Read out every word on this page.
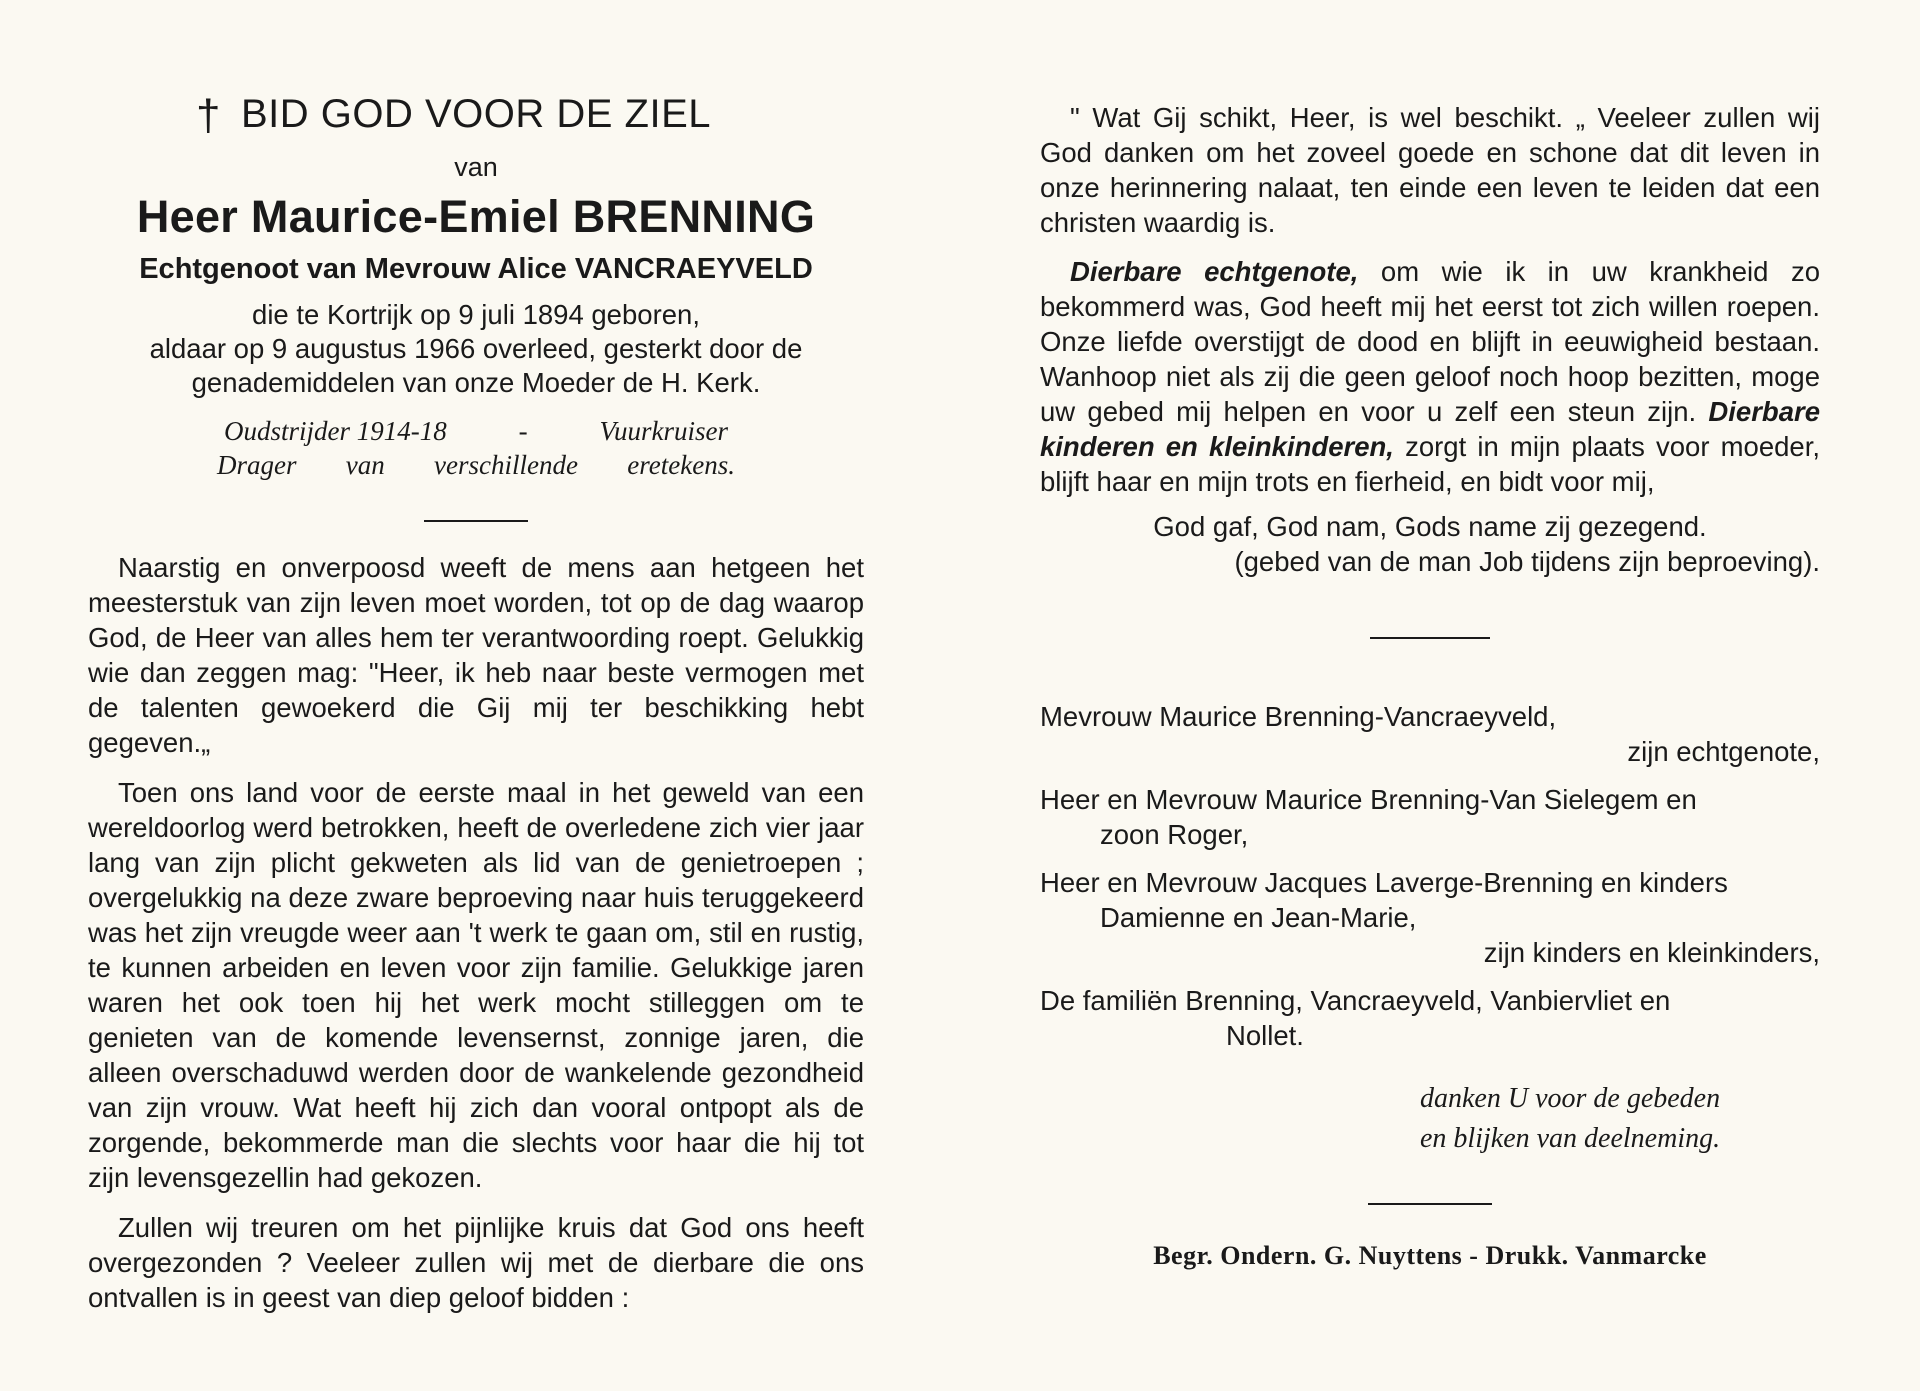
† BID GOD VOOR DE ZIEL
van
Heer Maurice-Emiel BRENNING
Echtgenoot van Mevrouw Alice VANCRAEYVELD
die te Kortrijk op 9 juli 1894 geboren,
aldaar op 9 augustus 1966 overleed, gesterkt door de
genademiddelen van onze Moeder de H. Kerk.
Oudstrijder 1914-18	-	Vuurkruiser
Drager van verschillende eretekens.
Naarstig en onverpoosd weeft de mens aan hetgeen het meesterstuk van zijn leven moet worden, tot op de dag waarop God, de Heer van alles hem ter verantwoording roept. Gelukkig wie dan zeggen mag: "Heer, ik heb naar beste vermogen met de talenten gewoekerd die Gij mij ter beschikking hebt gegeven.„
Toen ons land voor de eerste maal in het geweld van een wereldoorlog werd betrokken, heeft de overledene zich vier jaar lang van zijn plicht gekweten als lid van de genietroepen ; overgelukkig na deze zware beproeving naar huis teruggekeerd was het zijn vreugde weer aan 't werk te gaan om, stil en rustig, te kunnen arbeiden en leven voor zijn familie. Gelukkige jaren waren het ook toen hij het werk mocht stilleggen om te genieten van de komende levensernst, zonnige jaren, die alleen overschaduwd werden door de wankelende gezondheid van zijn vrouw. Wat heeft hij zich dan vooral ontpopt als de zorgende, bekommerde man die slechts voor haar die hij tot zijn levensgezellin had gekozen.
Zullen wij treuren om het pijnlijke kruis dat God ons heeft overgezonden ? Veeleer zullen wij met de dierbare die ons ontvallen is in geest van diep geloof bidden :
" Wat Gij schikt, Heer, is wel beschikt. „ Veeleer zullen wij God danken om het zoveel goede en schone dat dit leven in onze herinnering nalaat, ten einde een leven te leiden dat een christen waardig is.
Dierbare echtgenote, om wie ik in uw krankheid zo bekommerd was, God heeft mij het eerst tot zich willen roepen. Onze liefde overstijgt de dood en blijft in eeuwigheid bestaan. Wanhoop niet als zij die geen geloof noch hoop bezitten, moge uw gebed mij helpen en voor u zelf een steun zijn. Dierbare kinderen en kleinkinderen, zorgt in mijn plaats voor moeder, blijft haar en mijn trots en fierheid, en bidt voor mij,
God gaf, God nam, Gods name zij gezegend.
(gebed van de man Job tijdens zijn beproeving).
Mevrouw Maurice Brenning-Vancraeyveld,
zijn echtgenote,
Heer en Mevrouw Maurice Brenning-Van Sielegem en
zoon Roger,
Heer en Mevrouw Jacques Laverge-Brenning en kinders
Damienne en Jean-Marie,
zijn kinders en kleinkinders,
De familiën Brenning, Vancraeyveld, Vanbiervliet en
Nollet.
danken U voor de gebeden
en blijken van deelneming.
Begr. Ondern. G. Nuyttens - Drukk. Vanmarcke
